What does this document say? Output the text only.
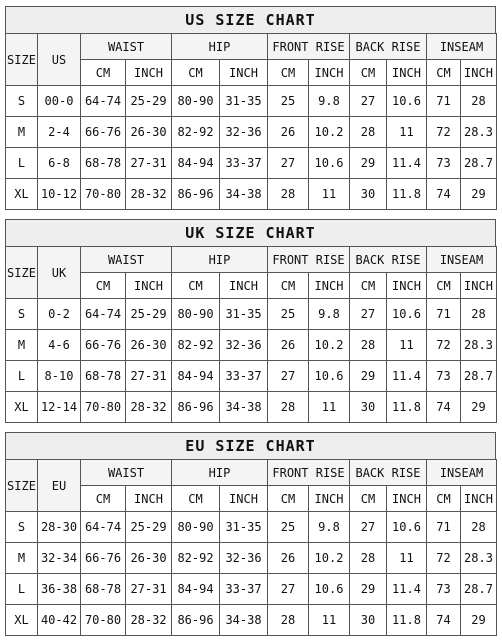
US SIZE CHART
SIZE	US	WAIST		HIP		FRONT RISE		BACK RISE		INSEAM	
		CM	INCH	CM	INCH	CM	INCH	CM	INCH	CM	INCH
S	00-0	64-74	25-29	80-90	31-35	25	9.8	27	10.6	71	28
M	2-4	66-76	26-30	82-92	32-36	26	10.2	28	11	72	28.3
L	6-8	68-78	27-31	84-94	33-37	27	10.6	29	11.4	73	28.7
XL	10-12	70-80	28-32	86-96	34-38	28	11	30	11.8	74	29
UK SIZE CHART
SIZE	UK	WAIST		HIP		FRONT RISE		BACK RISE		INSEAM	
		CM	INCH	CM	INCH	CM	INCH	CM	INCH	CM	INCH
S	0-2	64-74	25-29	80-90	31-35	25	9.8	27	10.6	71	28
M	4-6	66-76	26-30	82-92	32-36	26	10.2	28	11	72	28.3
L	8-10	68-78	27-31	84-94	33-37	27	10.6	29	11.4	73	28.7
XL	12-14	70-80	28-32	86-96	34-38	28	11	30	11.8	74	29
EU SIZE CHART
SIZE	EU	WAIST		HIP		FRONT RISE		BACK RISE		INSEAM	
		CM	INCH	CM	INCH	CM	INCH	CM	INCH	CM	INCH
S	28-30	64-74	25-29	80-90	31-35	25	9.8	27	10.6	71	28
M	32-34	66-76	26-30	82-92	32-36	26	10.2	28	11	72	28.3
L	36-38	68-78	27-31	84-94	33-37	27	10.6	29	11.4	73	28.7
XL	40-42	70-80	28-32	86-96	34-38	28	11	30	11.8	74	29
